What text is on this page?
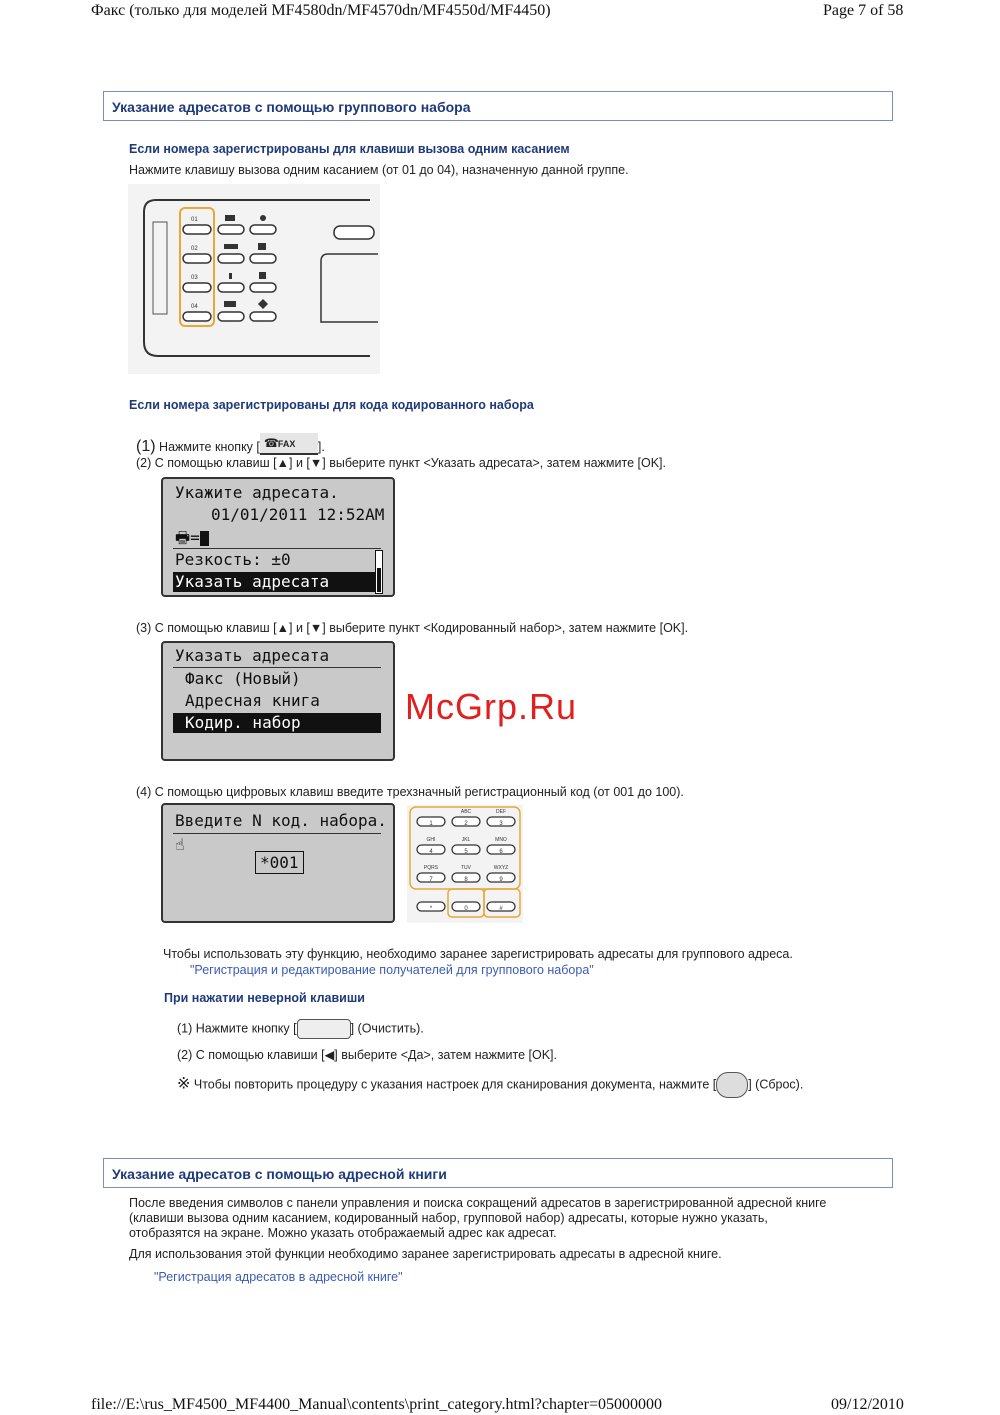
Факс (только для моделей MF4580dn/MF4570dn/MF4550d/MF4450)	Page 7 of 58
Указание адресатов с помощью группового набора
Если номера зарегистрированы для клавиши вызова одним касанием
Нажмите клавишу вызова одним касанием (от 01 до 04), назначенную данной группе.
01
02
03
04
Если номера зарегистрированы для кода кодированного набора
(1) Нажмите кнопку [ ☎ FAX ].
(2) С помощью клавиш [▲] и [▼] выберите пункт <Указать адресата>, затем нажмите [OK].
Укажите адресата.
01/01/2011 12:52AM
🖶=
Резкость: ±0
Указать адресата
(3) С помощью клавиш [▲] и [▼] выберите пункт <Кодированный набор>, затем нажмите [OK].
Указать адресата
Факс (Новый)
Адресная книга
Кодир. набор	McGrp.Ru
(4) С помощью цифровых клавиш введите трехзначный регистрационный код (от 001 до 100).
Введите N код. набора.
☝
*001
ABC	DEF
GHI	JKL	MNO
PQRS	TUV	WXYZ
1	2	3
4	5	6
7	8	9
*	0	#
Чтобы использовать эту функцию, необходимо заранее зарегистрировать адресаты для группового адреса.
"Регистрация и редактирование получателей для группового набора"
При нажатии неверной клавиши
(1) Нажмите кнопку [	] (Очистить).
(2) С помощью клавиши [◀] выберите <Да>, затем нажмите [OK].
※ Чтобы повторить процедуру с указания настроек для сканирования документа, нажмите [	] (Сброс).
Указание адресатов с помощью адресной книги
После введения символов с панели управления и поиска сокращений адресатов в зарегистрированной адресной книге
(клавиши вызова одним касанием, кодированный набор, групповой набор) адресаты, которые нужно указать,
отобразятся на экране. Можно указать отображаемый адрес как адресат.
Для использования этой функции необходимо заранее зарегистрировать адресаты в адресной книге.
"Регистрация адресатов в адресной книге"
file://E:\rus_MF4500_MF4400_Manual\contents\print_category.html?chapter=05000000	09/12/2010
